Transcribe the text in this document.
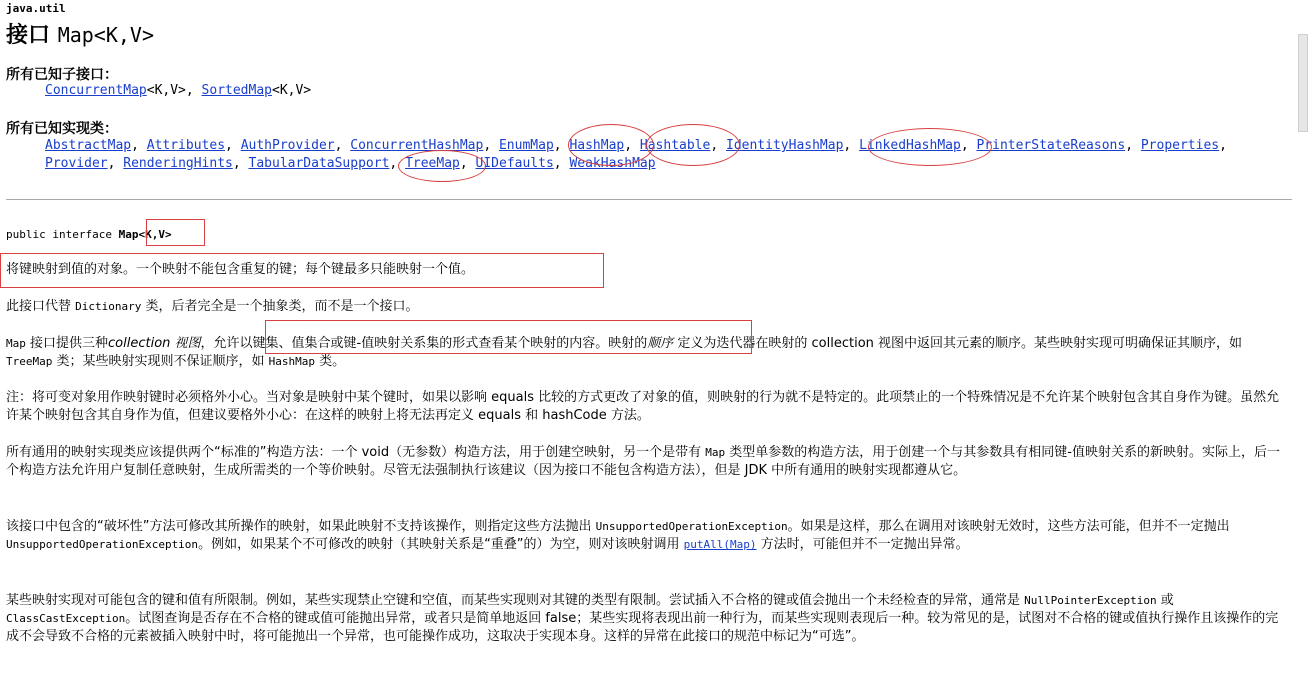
java.util
接口 Map<K,V>
所有已知子接口：
ConcurrentMap<K,V>, SortedMap<K,V>
所有已知实现类：
AbstractMap, Attributes, AuthProvider, ConcurrentHashMap, EnumMap, HashMap, Hashtable, IdentityHashMap, LinkedHashMap, PrinterStateReasons, Properties,
Provider, RenderingHints, TabularDataSupport, TreeMap, UIDefaults, WeakHashMap
public interface Map<K,V>
将键映射到值的对象。一个映射不能包含重复的键；每个键最多只能映射一个值。
此接口代替 Dictionary 类，后者完全是一个抽象类，而不是一个接口。
Map 接口提供三种collection 视图，允许以键集、值集合或键-值映射关系集的形式查看某个映射的内容。映射的顺序 定义为迭代器在映射的 collection 视图中返回其元素的顺序。某些映射实现可明确保证其顺序，如 TreeMap 类；某些映射实现则不保证顺序，如 HashMap 类。
注：将可变对象用作映射键时必须格外小心。当对象是映射中某个键时，如果以影响 equals 比较的方式更改了对象的值，则映射的行为就不是特定的。此项禁止的一个特殊情况是不允许某个映射包含其自身作为键。虽然允许某个映射包含其自身作为值，但建议要格外小心：在这样的映射上将无法再定义 equals 和 hashCode 方法。
所有通用的映射实现类应该提供两个“标准的”构造方法：一个 void（无参数）构造方法，用于创建空映射，另一个是带有 Map 类型单参数的构造方法，用于创建一个与其参数具有相同键-值映射关系的新映射。实际上，后一个构造方法允许用户复制任意映射，生成所需类的一个等价映射。尽管无法强制执行该建议（因为接口不能包含构造方法），但是 JDK 中所有通用的映射实现都遵从它。
该接口中包含的“破坏性”方法可修改其所操作的映射，如果此映射不支持该操作，则指定这些方法抛出 UnsupportedOperationException。如果是这样，那么在调用对该映射无效时，这些方法可能，但并不一定抛出 UnsupportedOperationException。例如，如果某个不可修改的映射（其映射关系是“重叠”的）为空，则对该映射调用 putAll(Map) 方法时，可能但并不一定抛出异常。
某些映射实现对可能包含的键和值有所限制。例如，某些实现禁止空键和空值，而某些实现则对其键的类型有限制。尝试插入不合格的键或值会抛出一个未经检查的异常，通常是 NullPointerException 或 ClassCastException。试图查询是否存在不合格的键或值可能抛出异常，或者只是简单地返回 false；某些实现将表现出前一种行为，而某些实现则表现后一种。较为常见的是，试图对不合格的键或值执行操作且该操作的完成不会导致不合格的元素被插入映射中时，将可能抛出一个异常，也可能操作成功，这取决于实现本身。这样的异常在此接口的规范中标记为“可选”。
